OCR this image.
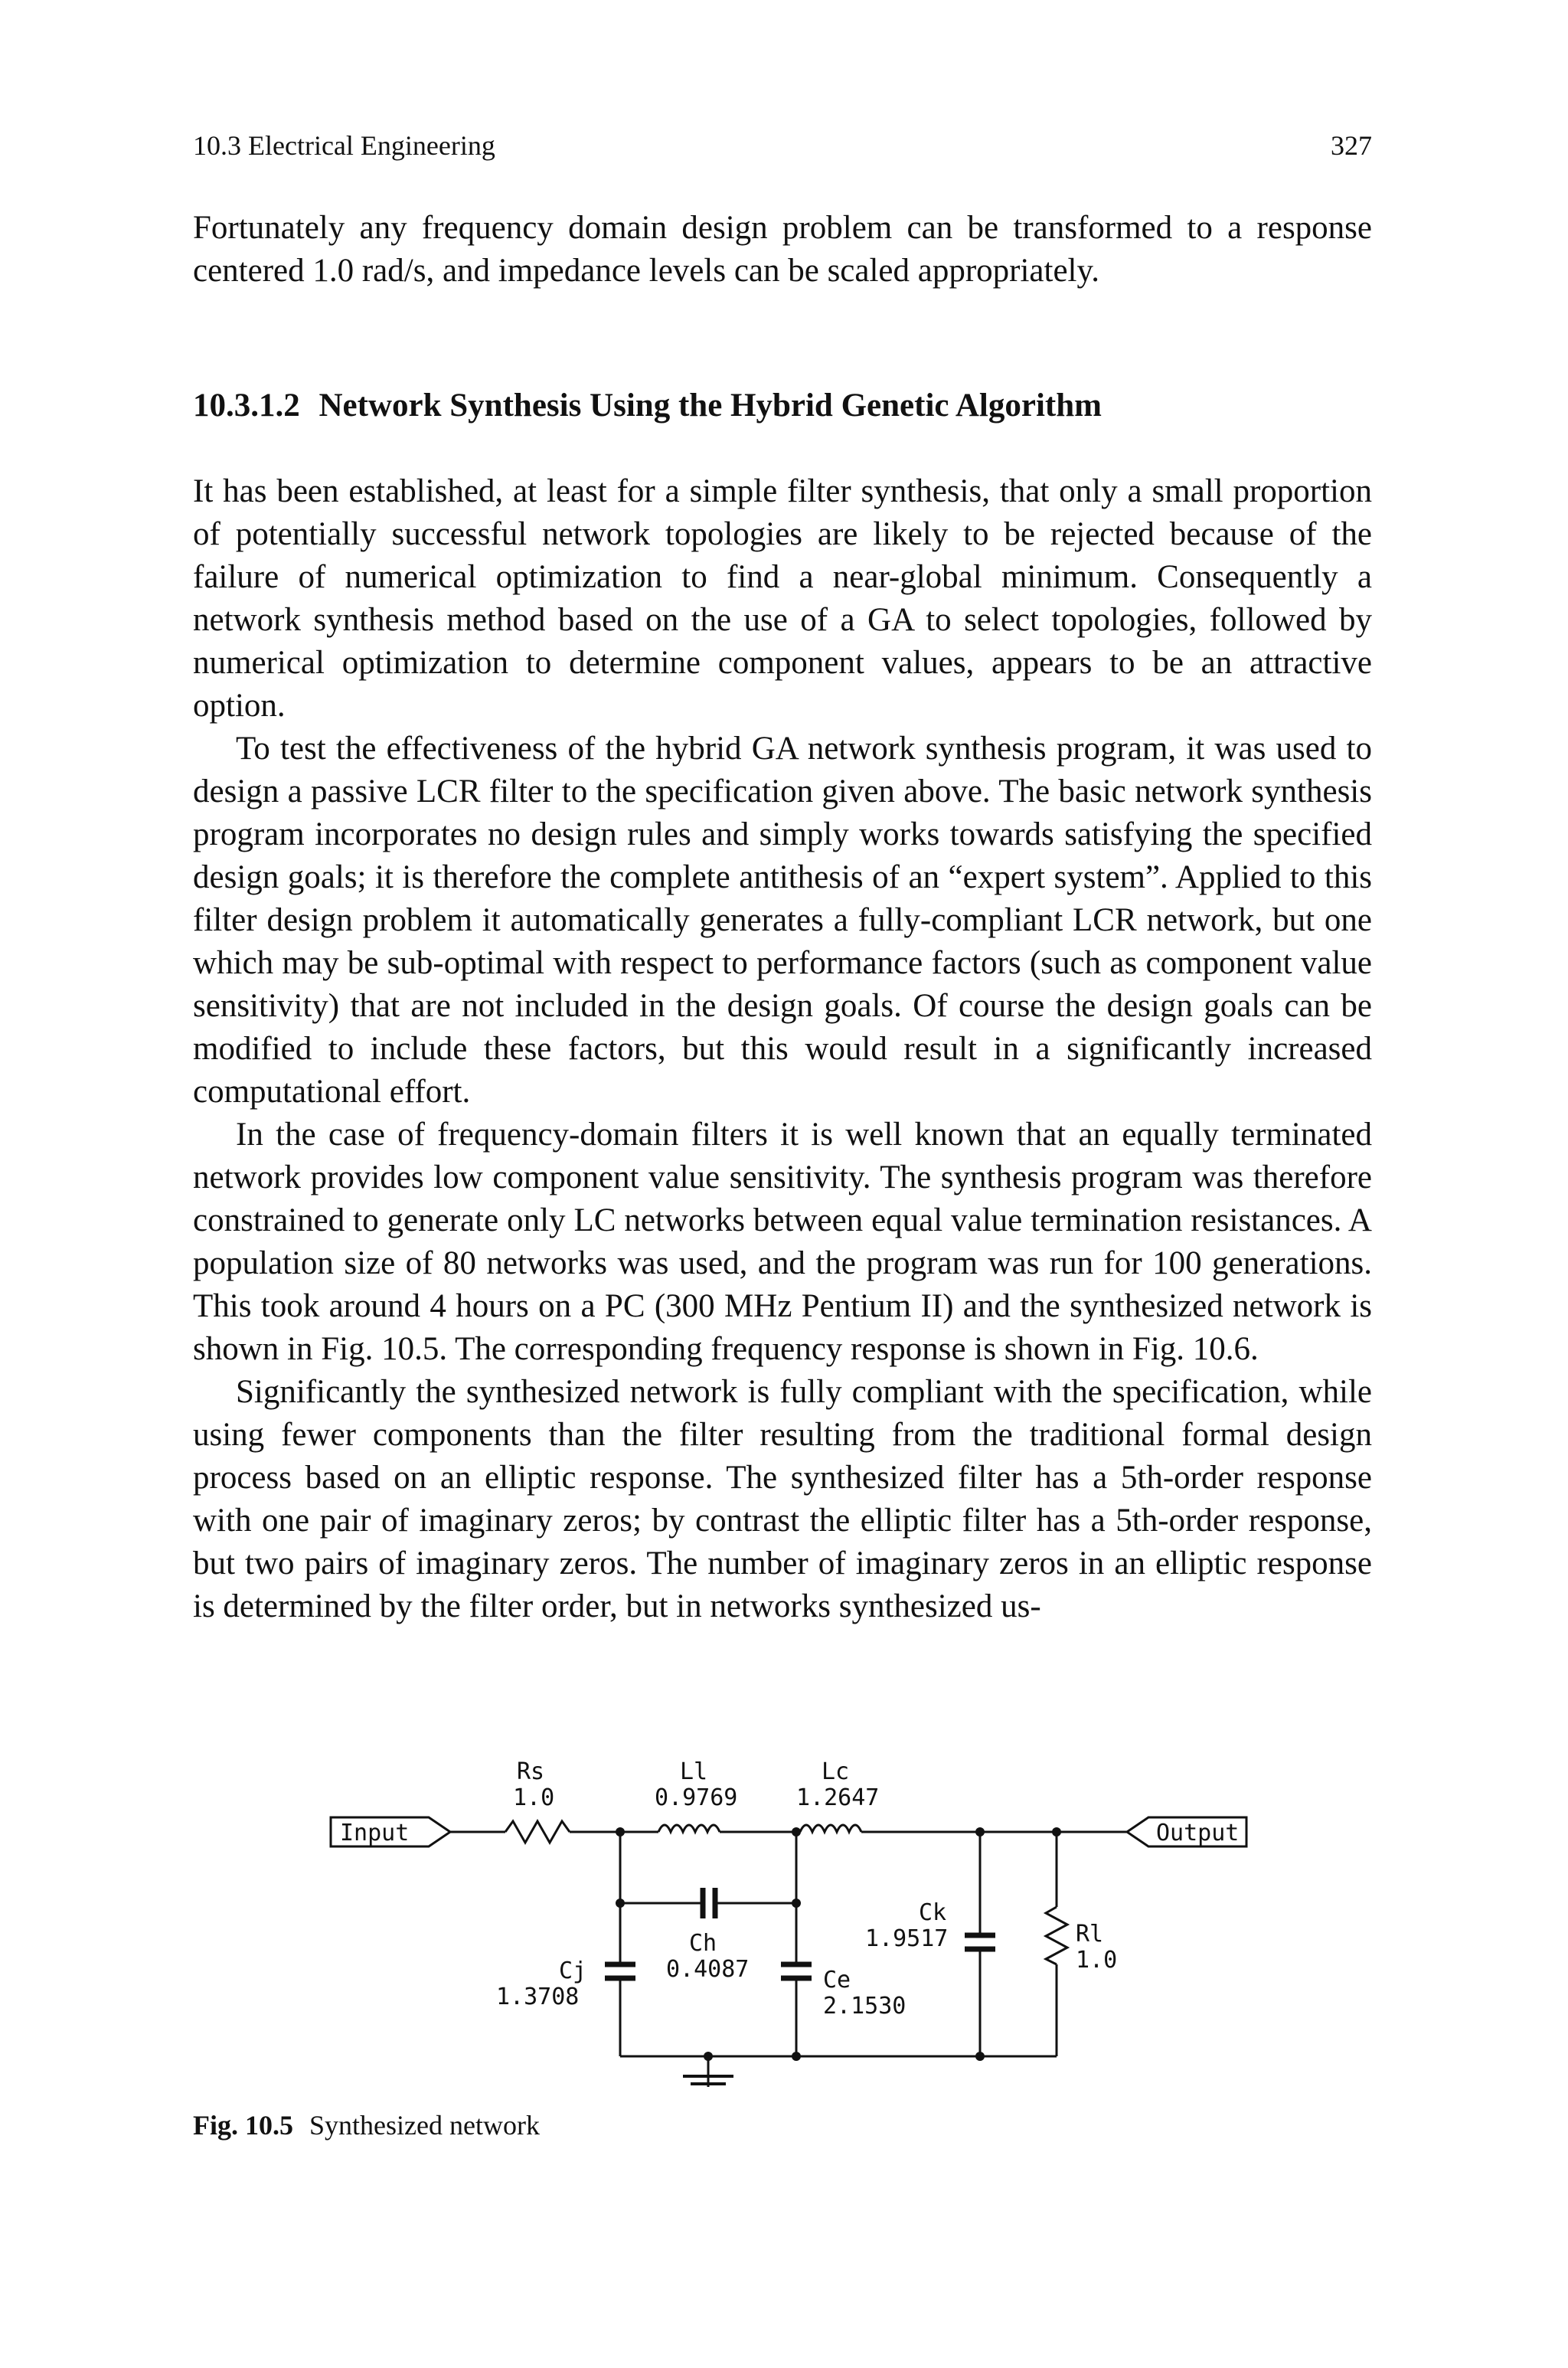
10.3 Electrical Engineering	327
Fortunately any frequency domain design problem can be transformed to a response centered 1.0 rad/s, and impedance levels can be scaled appropriately.
10.3.1.2 Network Synthesis Using the Hybrid Genetic Algorithm

It has been established, at least for a simple filter synthesis, that only a small proportion of potentially successful network topologies are likely to be rejected because of the failure of numerical optimization to find a near-global minimum. Consequently a network synthesis method based on the use of a GA to select topologies, followed by numerical optimization to determine component values, appears to be an attractive option.

To test the effectiveness of the hybrid GA network synthesis program, it was used to design a passive LCR filter to the specification given above. The basic network synthesis program incorporates no design rules and simply works towards satisfying the specified design goals; it is therefore the complete antithesis of an “expert system”. Applied to this filter design problem it automatically generates a fully-compliant LCR network, but one which may be sub-optimal with respect to performance factors (such as component value sensitivity) that are not included in the design goals. Of course the design goals can be modified to include these factors, but this would result in a significantly increased computational effort.

In the case of frequency-domain filters it is well known that an equally terminated network provides low component value sensitivity. The synthesis program was therefore constrained to generate only LC networks between equal value termination resistances. A population size of 80 networks was used, and the program was run for 100 generations. This took around 4 hours on a PC (300 MHz Pentium II) and the synthesized network is shown in Fig. 10.5. The corresponding frequency response is shown in Fig. 10.6.

Significantly the synthesized network is fully compliant with the specification, while using fewer components than the filter resulting from the traditional formal design process based on an elliptic response. The synthesized filter has a 5th-order response with one pair of imaginary zeros; by contrast the elliptic filter has a 5th-order response, but two pairs of imaginary zeros. The number of imaginary zeros in an elliptic response is determined by the filter order, but in networks synthesized us-

Input	Output
Rs
1.0
Ll
0.9769
Lc
1.2647
Ch
0.4087
Ck
1.9517	Rl
1.0
Cj
1.3708
Ce
2.1530
Fig. 10.5 Synthesized network
